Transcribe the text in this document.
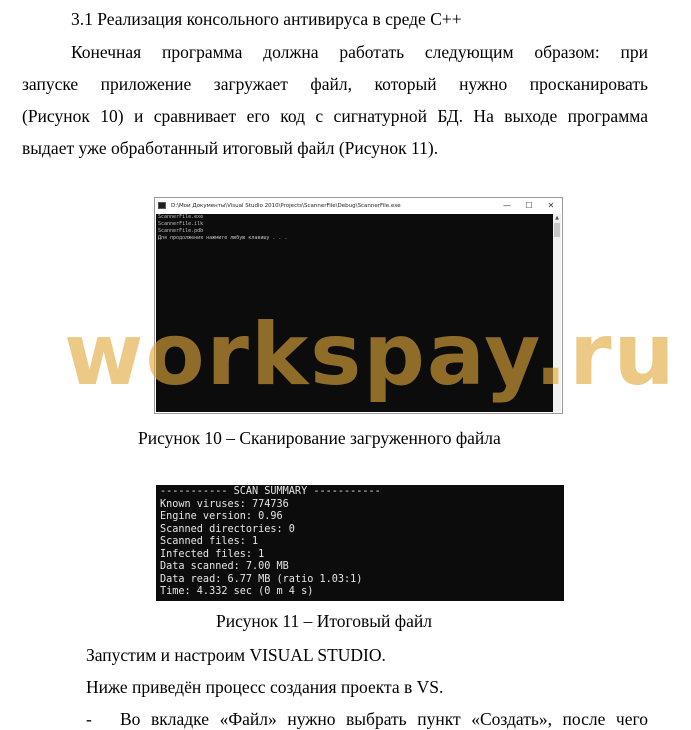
3.1 Реализация консольного антивируса в среде С++

Конечная программа должна работать следующим образом: при

запуске приложение загружает файл, который нужно просканировать

(Рисунок 10) и сравнивает его код с сигнатурной БД. На выходе программа

выдает уже обработанный итоговый файл (Рисунок 11).

D:\Мои Документы\Visual Studio 2010\Projects\ScannerFile\Debug\ScannerFile.exe	—	☐	✕
ScannerFile.exe
ScannerFile.ilk
ScannerFile.pdb
Для продолжения нажмите любую клавишу . . .
▲

Рисунок 10 – Сканирование загруженного файла

----------- SCAN SUMMARY -----------
Known viruses: 774736
Engine version: 0.96
Scanned directories: 0
Scanned files: 1
Infected files: 1
Data scanned: 7.00 MB
Data read: 6.77 MB (ratio 1.03:1)
Time: 4.332 sec (0 m 4 s)

Рисунок 11 – Итоговый файл

Запустим и настроим VISUAL STUDIO.

Ниже приведён процесс создания проекта в VS.

- Во вкладке «Файл» нужно выбрать пункт «Создать», после чего
workspay.ru
